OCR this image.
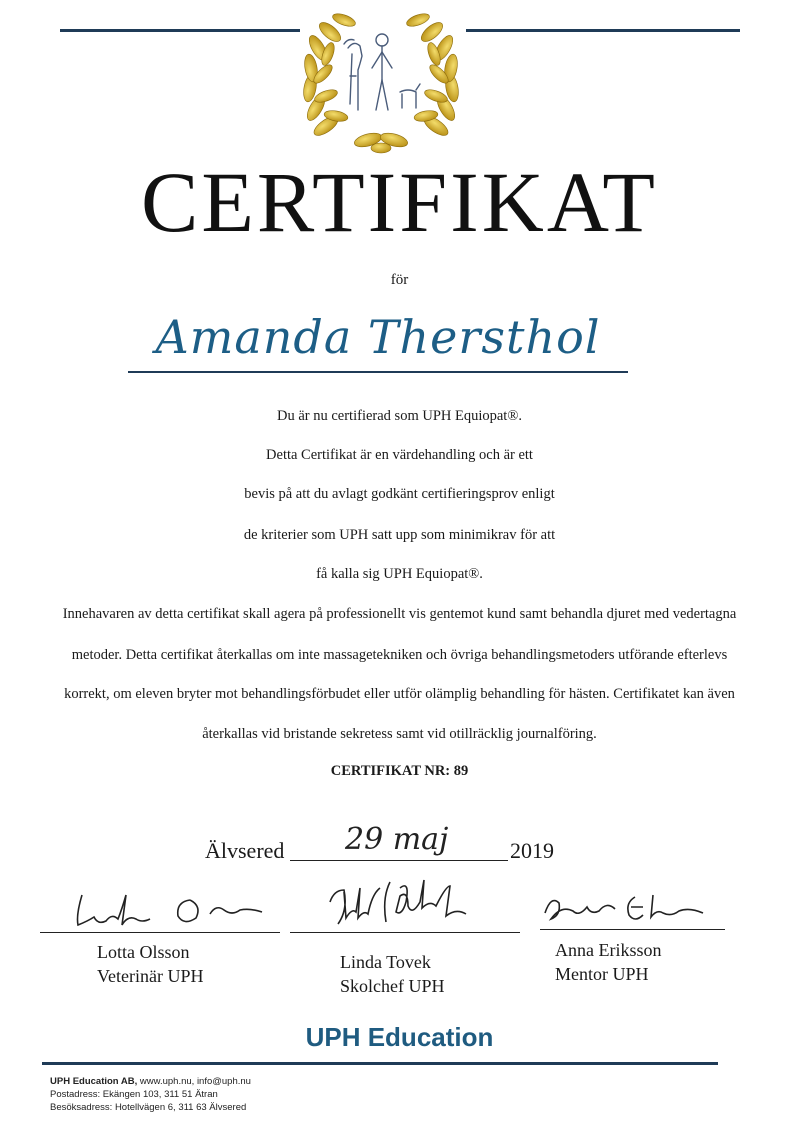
CERTIFIKAT
för
Amanda Thersthol
Du är nu certifierad som UPH Equiopat®.
Detta Certifikat är en värdehandling och är ett
bevis på att du avlagt godkänt certifieringsprov enligt
de kriterier som UPH satt upp som minimikrav för att
få kalla sig UPH Equiopat®.
Innehavaren av detta certifikat skall agera på professionellt vis gentemot kund samt behandla djuret med vedertagna
metoder. Detta certifikat återkallas om inte massagetekniken och övriga behandlingsmetoders utförande efterlevs
korrekt, om eleven bryter mot behandlingsförbudet eller utför olämplig behandling för hästen. Certifikatet kan även
återkallas vid bristande sekretess samt vid otillräcklig journalföring.
CERTIFIKAT NR: 89
Älvsered 29 maj	2019
Lotta Olsson
Veterinär UPH
Linda Tovek
Skolchef UPH
Anna Eriksson
Mentor UPH
UPH Education
UPH Education AB, www.uph.nu, info@uph.nu
Postadress: Ekängen 103, 311 51 Ätran
Besöksadress: Hotellvägen 6, 311 63 Älvsered
